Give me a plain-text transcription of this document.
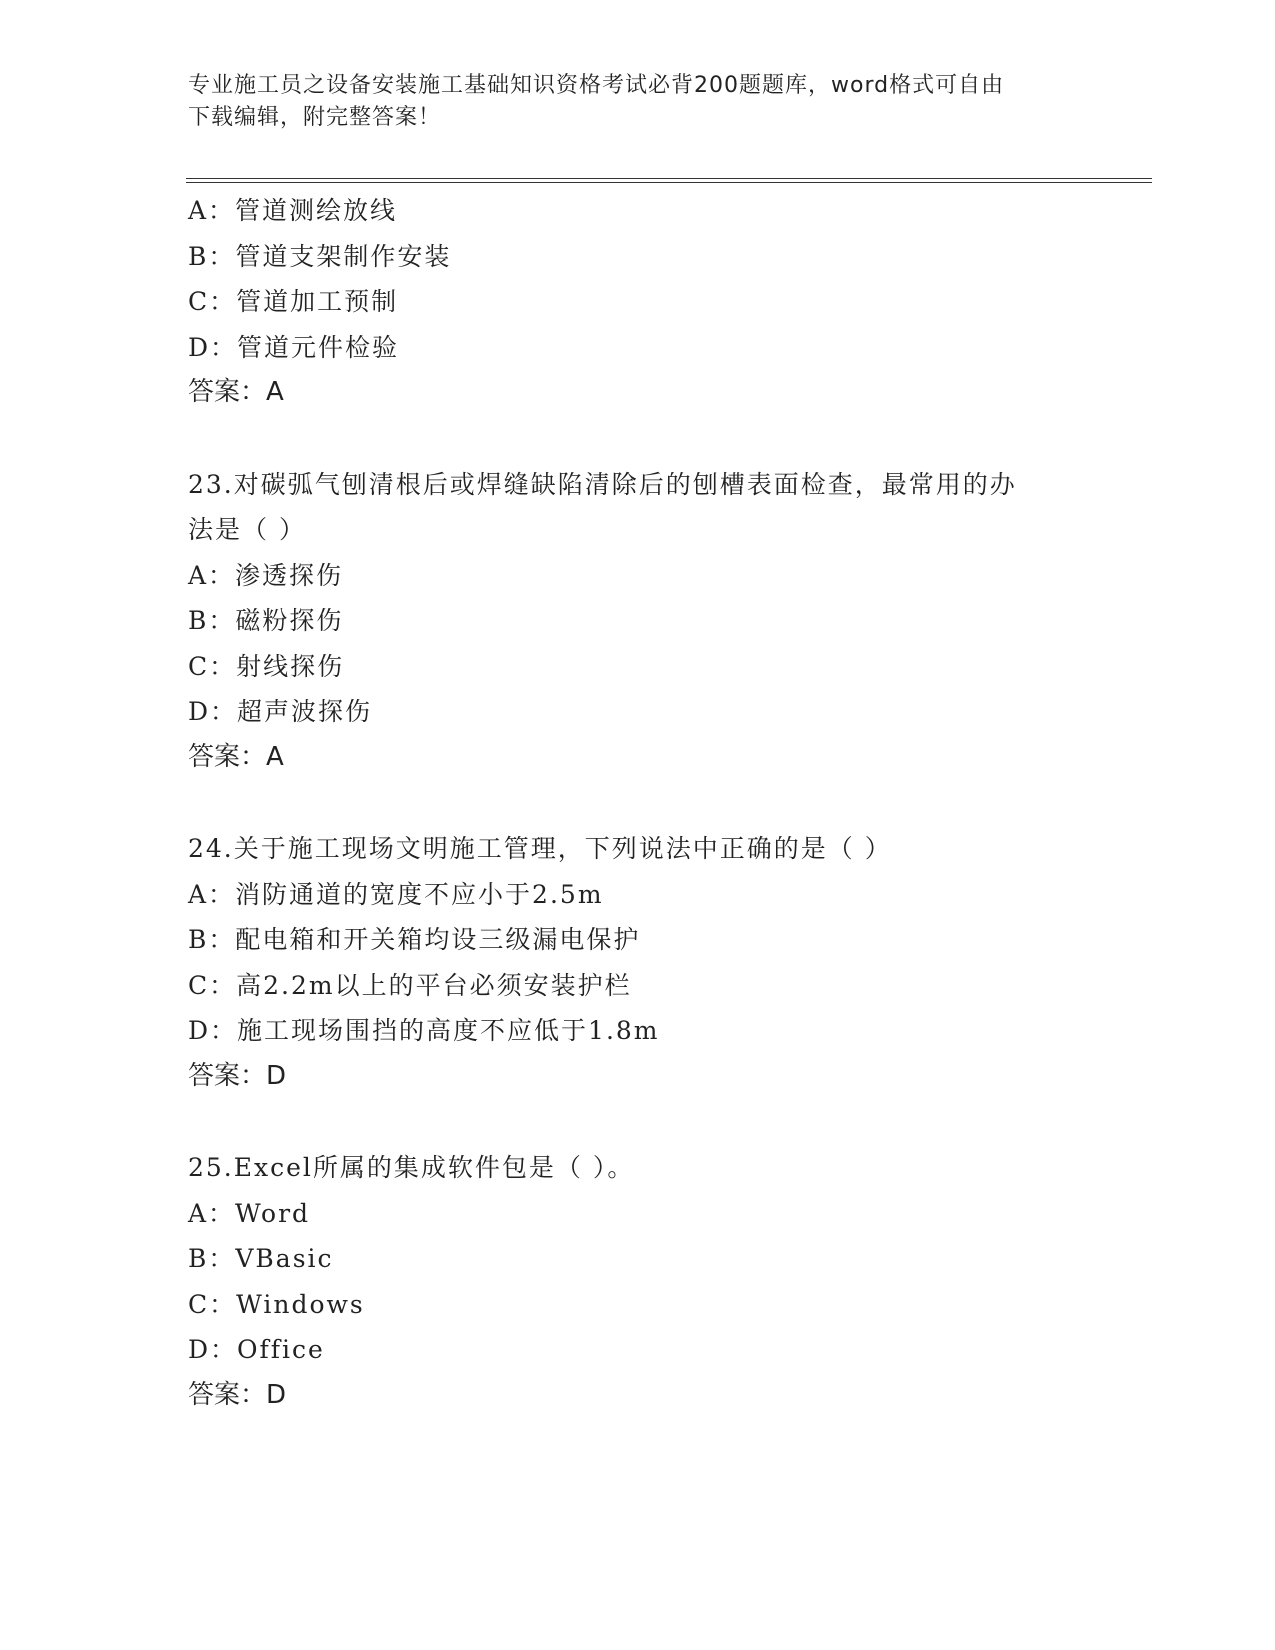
专业施工员之设备安装施工基础知识资格考试必背200题题库，word格式可自由
下载编辑，附完整答案！
A：管道测绘放线
B：管道支架制作安装
C：管道加工预制
D：管道元件检验
答案：A
23.对碳弧气刨清根后或焊缝缺陷清除后的刨槽表面检查，最常用的办
法是（ ）
A：渗透探伤
B：磁粉探伤
C：射线探伤
D：超声波探伤
答案：A
24.关于施工现场文明施工管理，下列说法中正确的是（ ）
A：消防通道的宽度不应小于2.5m
B：配电箱和开关箱均设三级漏电保护
C：高2.2m以上的平台必须安装护栏
D：施工现场围挡的高度不应低于1.8m
答案：D
25.Excel所属的集成软件包是（ ）。
A：Word
B：VBasic
C：Windows
D：Office
答案：D
